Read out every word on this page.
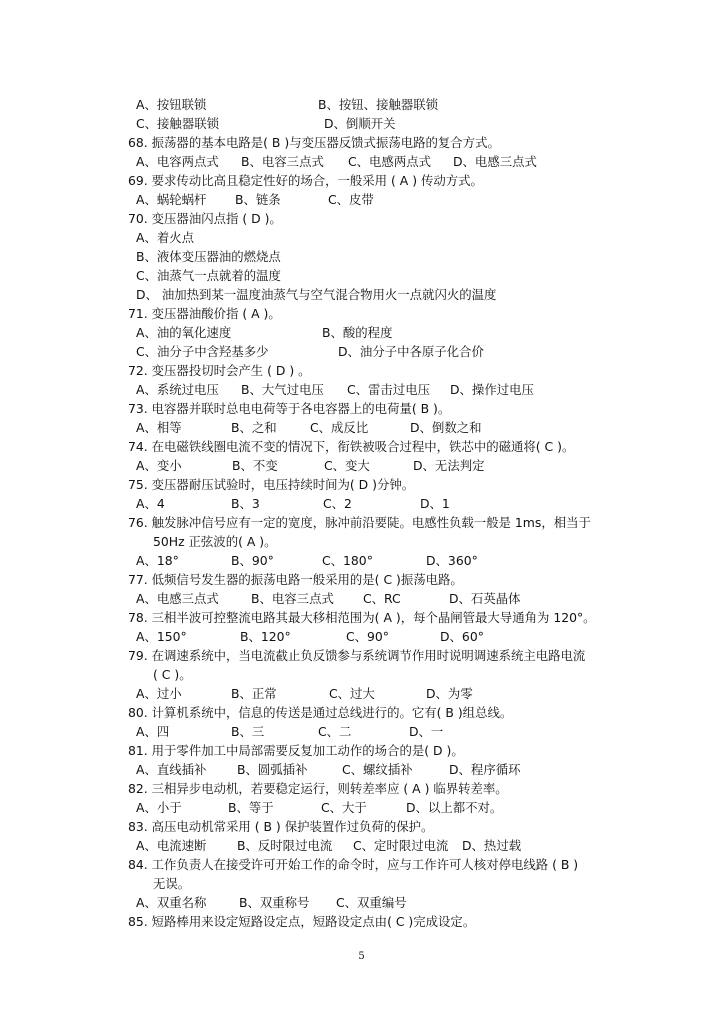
A、按钮联锁	B、按钮、接触器联锁
C、接触器联锁	D、倒顺开关
68. 振荡器的基本电路是( B )与变压器反馈式振荡电路的复合方式。
A、电容两点式 B、电容三点式 C、电感两点式 D、电感三点式
69. 要求传动比高且稳定性好的场合，一般采用 ( A ) 传动方式。
A、蜗轮蜗杆 B、链条	C、皮带
70. 变压器油闪点指 ( D )。
A、着火点
B、液体变压器油的燃烧点
C、油蒸气一点就着的温度
D、 油加热到某一温度油蒸气与空气混合物用火一点就闪火的温度
71. 变压器油酸价指 ( A )。
A、油的氧化速度	B、酸的程度
C、油分子中含羟基多少	D、油分子中各原子化合价
72. 变压器投切时会产生 ( D ) 。
A、系统过电压 B、大气过电压 C、雷击过电压 D、操作过电压
73. 电容器并联时总电电荷等于各电容器上的电荷量( B )。
A、相等	B、之和	C、成反比	D、倒数之和
74. 在电磁铁线圈电流不变的情况下，衔铁被吸合过程中，铁芯中的磁通将( C )。
A、变小	B、不变	C、变大	D、无法判定
75. 变压器耐压试验时，电压持续时间为( D )分钟。
A、4	B、3	C、2	D、1
76. 触发脉冲信号应有一定的宽度，脉冲前沿要陡。电感性负载一般是 1ms，相当于
50Hz 正弦波的( A )。
A、18°	B、90°	C、180°	D、360°
77. 低频信号发生器的振荡电路一般采用的是( C )振荡电路。
A、电感三点式	B、电容三点式 C、RC	D、石英晶体
78. 三相半波可控整流电路其最大移相范围为( A )，每个晶闸管最大导通角为 120°。
A、150°	B、120°	C、90°	D、60°
79. 在调速系统中，当电流截止负反馈参与系统调节作用时说明调速系统主电路电流
( C )。
A、过小	B、正常	C、过大	D、为零
80. 计算机系统中，信息的传送是通过总线进行的。它有( B )组总线。
A、四	B、三	C、二	D、一
81. 用于零件加工中局部需要反复加工动作的场合的是( D )。
A、直线插补 B、圆弧插补	C、螺纹插补	D、程序循环
82. 三相异步电动机，若要稳定运行，则转差率应 ( A ) 临界转差率。
A、小于	B、等于	C、大于	D、以上都不对。
83. 高压电动机常采用 ( B ) 保护装置作过负荷的保护。
A、电流速断 B、反时限过电流 C、定时限过电流 D、热过载
84. 工作负责人在接受许可开始工作的命令时，应与工作许可人核对停电线路 ( B )
无误。
A、双重名称	B、双重称号 C、双重编号
85. 短路棒用来设定短路设定点，短路设定点由( C )完成设定。
5
